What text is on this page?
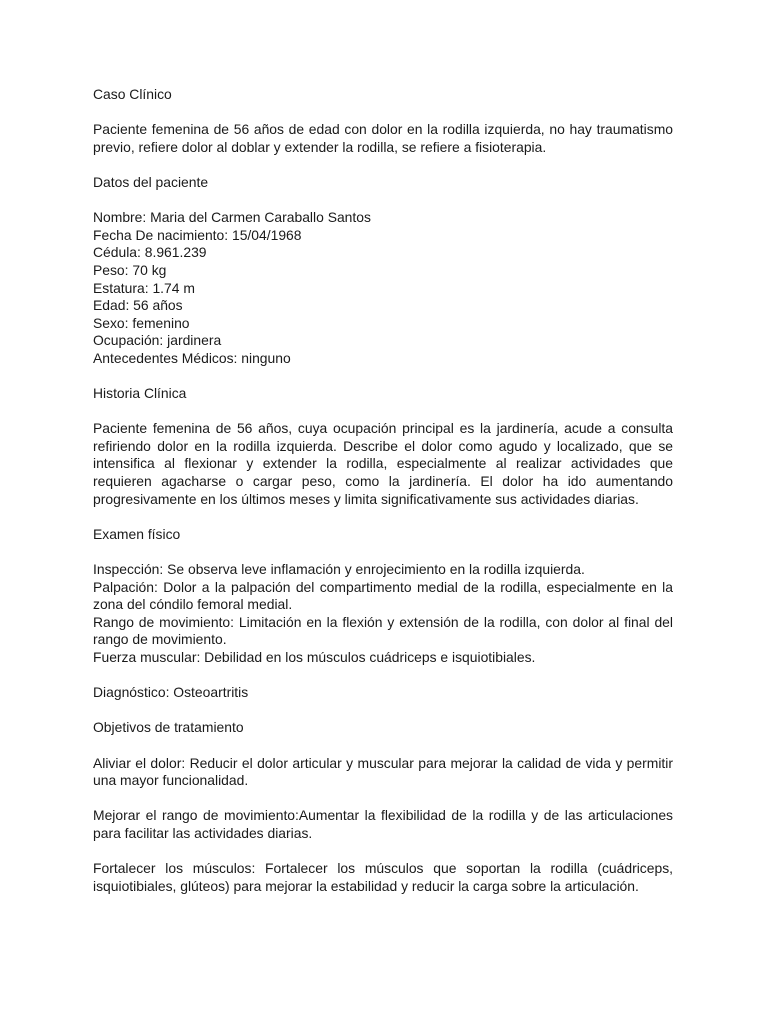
Caso Clínico

Paciente femenina de 56 años de edad con dolor en la rodilla izquierda, no hay traumatismo previo, refiere dolor al doblar y extender la rodilla, se refiere a fisioterapia.

Datos del paciente

Nombre: Maria del Carmen Caraballo Santos

Fecha De nacimiento: 15/04/1968

Cédula: 8.961.239

Peso: 70 kg

Estatura: 1.74 m

Edad: 56 años

Sexo: femenino

Ocupación: jardinera

Antecedentes Médicos: ninguno

Historia Clínica

Paciente femenina de 56 años, cuya ocupación principal es la jardinería, acude a consulta refiriendo dolor en la rodilla izquierda. Describe el dolor como agudo y localizado, que se intensifica al flexionar y extender la rodilla, especialmente al realizar actividades que requieren agacharse o cargar peso, como la jardinería. El dolor ha ido aumentando progresivamente en los últimos meses y limita significativamente sus actividades diarias.

Examen físico

Inspección: Se observa leve inflamación y enrojecimiento en la rodilla izquierda.

Palpación: Dolor a la palpación del compartimento medial de la rodilla, especialmente en la zona del cóndilo femoral medial.

Rango de movimiento: Limitación en la flexión y extensión de la rodilla, con dolor al final del rango de movimiento.

Fuerza muscular: Debilidad en los músculos cuádriceps e isquiotibiales.

Diagnóstico: Osteoartritis

Objetivos de tratamiento

Aliviar el dolor: Reducir el dolor articular y muscular para mejorar la calidad de vida y permitir una mayor funcionalidad.

Mejorar el rango de movimiento:Aumentar la flexibilidad de la rodilla y de las articulaciones para facilitar las actividades diarias.

Fortalecer los músculos: Fortalecer los músculos que soportan la rodilla (cuádriceps, isquiotibiales, glúteos) para mejorar la estabilidad y reducir la carga sobre la articulación.
